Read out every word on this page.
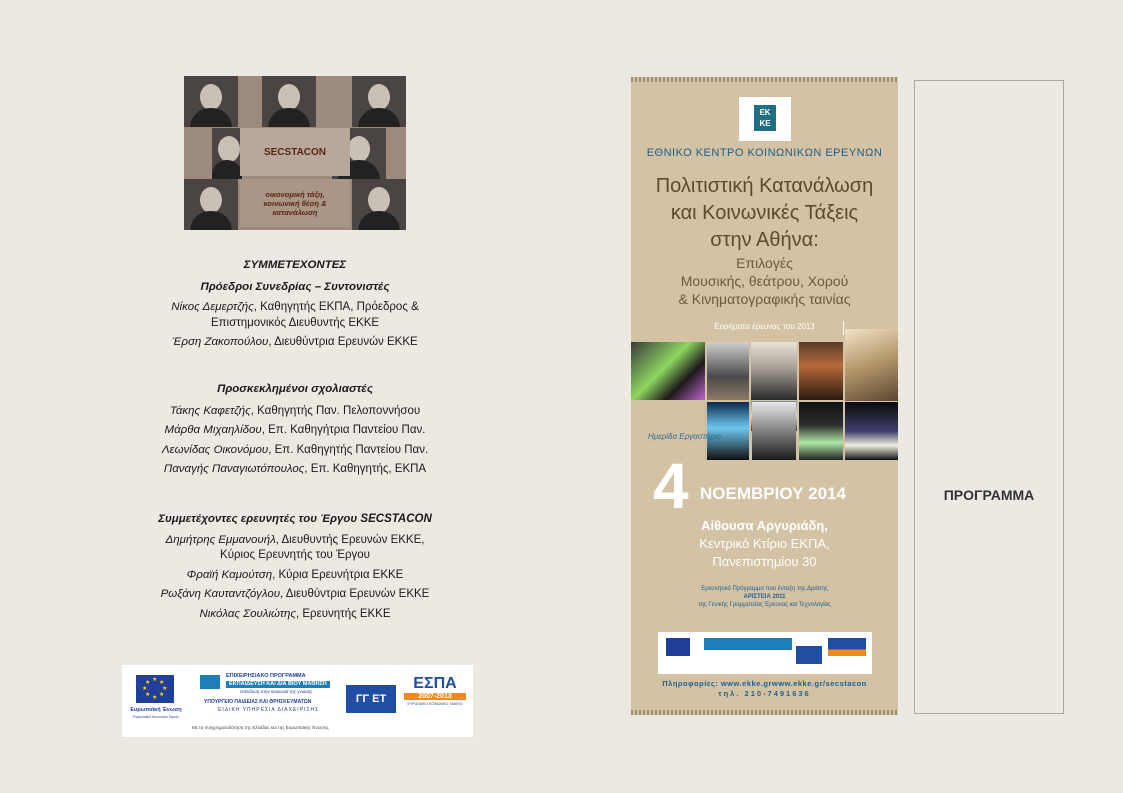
SECSTACON
οικονομική τάξη,
κοινωνική θέση &
κατανάλωση
ΣΥΜΜΕΤΕΧΟΝΤΕΣ
Πρόεδροι Συνεδρίας – Συντονιστές
Νίκος Δεμερτζής, Καθηγητής ΕΚΠΑ, Πρόεδρος &
Επιστημονικός Διευθυντής ΕΚΚΕ
Έρση Ζακοπούλου, Διευθύντρια Ερευνών ΕΚΚΕ
Προσκεκλημένοι σχολιαστές
Τάκης Καφετζής, Καθηγητής Παν. Πελοποννήσου
Μάρθα Μιχαηλίδου, Επ. Καθηγήτρια Παντείου Παν.
Λεωνίδας Οικονόμου, Επ. Καθηγητής Παντείου Παν.
Παναγής Παναγιωτόπουλος, Επ. Καθηγητής, ΕΚΠΑ
Συμμετέχοντες ερευνητές του Έργου SECSTACON
Δημήτρης Εμμανουήλ, Διευθυντής Ερευνών ΕΚΚΕ,
Κύριος Ερευνητής του Έργου
Φραϊή Καμούτση, Κύρια Ερευνήτρια ΕΚΚΕ
Ρωξάνη Καυταντζόγλου, Διευθύντρια Ερευνών ΕΚΚΕ
Νικόλας Σουλιώτης, Ερευνητής ΕΚΚΕ
★ ★
★
★
★
★
★
★
Ευρωπαϊκή Ένωση
Ευρωπαϊκό Κοινωνικό Ταμείο
ΕΠΙΧΕΙΡΗΣΙΑΚΟ ΠΡΟΓΡΑΜΜΑ
ΕΚΠΑΙΔΕΥΣΗ ΚΑΙ ΔΙΑ ΒΙΟΥ ΜΑΘΗΣΗ
επένδυση στην κοινωνία της γνώσης
ΥΠΟΥΡΓΕΙΟ ΠΑΙΔΕΙΑΣ ΚΑΙ ΘΡΗΣΚΕΥΜΑΤΩΝ
ΕΙΔΙΚΗ ΥΠΗΡΕΣΙΑ ΔΙΑΧΕΙΡΙΣΗΣ
ΓΓ ΕΤ
ΕΣΠΑ
2007-2013
ΕΥΡΩΠΑΪΚΟ ΚΟΙΝΩΝΙΚΟ ΤΑΜΕΙΟ
Με τη συγχρηματοδότηση της Ελλάδας και της Ευρωπαϊκής Ένωσης
ΕΚ
ΚΕ
ΕΘΝΙΚΟ ΚΕΝΤΡΟ ΚΟΙΝΩΝΙΚΩΝ ΕΡΕΥΝΩΝ
Πολιτιστική Κατανάλωση
και Κοινωνικές Τάξεις
στην Αθήνα:
Επιλογές
Μουσικής, θεάτρου, Χορού
& Κινηματογραφικής ταινίας
Ευρήματα έρευνας του 2013
Ημερίδα Εργαστήριο
4 ΝΟΕΜΒΡΙΟΥ 2014
Αίθουσα Αργυριάδη,
Κεντρικό Κτίριο ΕΚΠΑ,
Πανεπιστημίου 30
Ερευνητικό Πρόγραμμα που ένταξη της Δράσης
ΑΡΙΣΤΕΙΑ 2011
της Γενικής Γραμματείας Έρευνας και Τεχνολογίας
Πληροφορίες: www.ekke.grwww.ekke.gr/secstacon
τηλ. 210-7491636
ΠΡΟΓΡΑΜΜΑ
